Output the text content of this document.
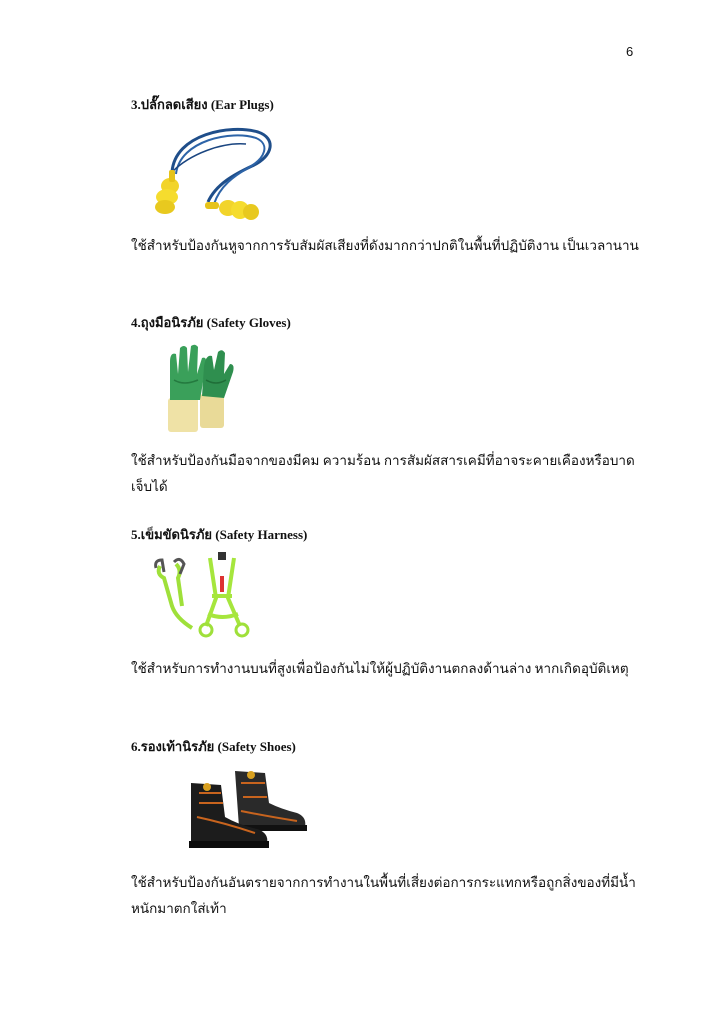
6
3.ปลั๊กลดเสียง (Ear Plugs)
ใช้สำหรับป้องกันหูจากการรับสัมผัสเสียงที่ดังมากกว่าปกติในพื้นที่ปฏิบัติงาน เป็นเวลานาน
4.ถุงมือนิรภัย (Safety Gloves)
ใช้สำหรับป้องกันมือจากของมีคม ความร้อน การสัมผัสสารเคมีที่อาจระคายเคืองหรือบาดเจ็บได้
5.เข็มขัดนิรภัย (Safety Harness)
ใช้สำหรับการทำงานบนที่สูงเพื่อป้องกันไม่ให้ผู้ปฏิบัติงานตกลงด้านล่าง หากเกิดอุบัติเหตุ
6.รองเท้านิรภัย (Safety Shoes)
ใช้สำหรับป้องกันอันตรายจากการทำงานในพื้นที่เสี่ยงต่อการกระแทกหรือถูกสิ่งของที่มีน้ำหนักมาตกใส่เท้า
